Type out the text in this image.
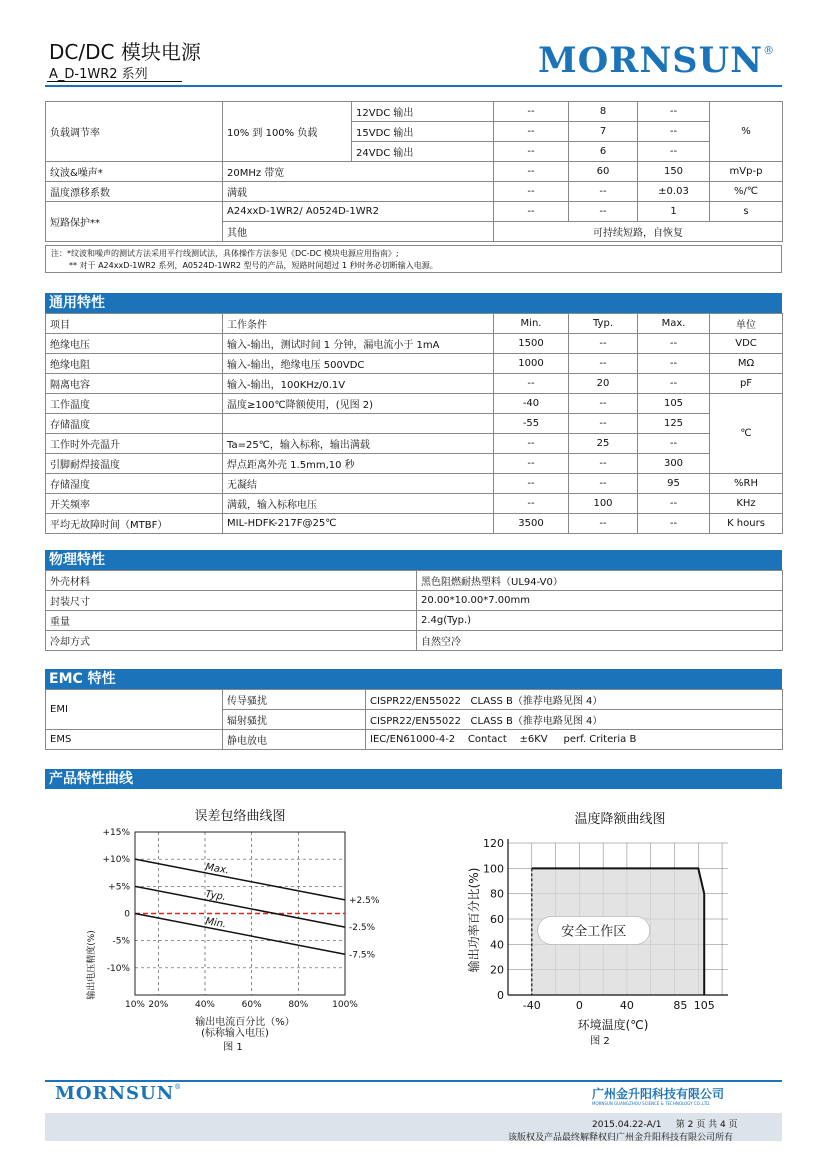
DC/DC 模块电源
A_D-1WR2 系列	MORNSUN®
负载调节率	10% 到 100% 负载	12VDC 输出	--	8	--	%
		15VDC 输出	--	7	--	
		24VDC 输出	--	6	--	
纹波&噪声*	20MHz 带宽		--	60	150	mVp-p
温度漂移系数	满载		--	--	±0.03	%/℃
短路保护**	A24xxD-1WR2/ A0524D-1WR2		--	--	1	s
	其他		可持续短路，自恢复			
注：*纹波和噪声的测试方法采用平行线测试法，具体操作方法参见《DC-DC 模块电源应用指南》;
** 对于 A24xxD-1WR2 系列，A0524D-1WR2 型号的产品，短路时间超过 1 秒时务必切断输入电源。
通用特性
项目	工作条件	Min.	Typ.	Max.	单位
绝缘电压	输入-输出，测试时间 1 分钟，漏电流小于 1mA	1500	--	--	VDC
绝缘电阻	输入-输出，绝缘电压 500VDC	1000	--	--	MΩ
隔离电容	输入-输出，100KHz/0.1V	--	20	--	pF
工作温度	温度≥100℃降额使用，(见图 2)	-40	--	105	℃
存储温度		-55	--	125	
工作时外壳温升	Ta=25℃，输入标称，输出满载	--	25	--	
引脚耐焊接温度	焊点距离外壳 1.5mm,10 秒	--	--	300	
存储湿度	无凝结	--	--	95	%RH
开关频率	满载，输入标称电压	--	100	--	KHz
平均无故障时间（MTBF）	MIL-HDFK-217F@25℃	3500	--	--	K hours
物理特性
外壳材料	黑色阻燃耐热塑料（UL94-V0）
封装尺寸	20.00*10.00*7.00mm
重量	2.4g(Typ.)
冷却方式	自然空冷
EMC 特性
EMI	传导骚扰	CISPR22/EN55022   CLASS B（推荐电路见图 4）
	辐射骚扰	CISPR22/EN55022   CLASS B（推荐电路见图 4）
EMS	静电放电	IEC/EN61000-4-2    Contact    ±6KV     perf. Criteria B
产品特性曲线
误差包络曲线图
输出电压精度(%)
输出电流百分比（%）
(标称输入电压)
图 1
+15%
+10%
+5%
0
-5%
-10%
10% 20%	40%	60%	80%	100%
Max.
Typ.
Min.
+2.5%
-2.5%
-7.5%
温度降额曲线图
输出功率百分比(%)
环境温度(℃)
图 2
0
20
40
60
80
100
120
-40	0	40	85 105
安全工作区
MORNSUN®	广州金升阳科技有限公司
MORNSUN GUANGZHOU SCIENCE & TECHNOLOGY CO.,LTD.
2015.04.22-A/1     第 2 页 共 4 页
该版权及产品最终解释权归广州金升阳科技有限公司所有
